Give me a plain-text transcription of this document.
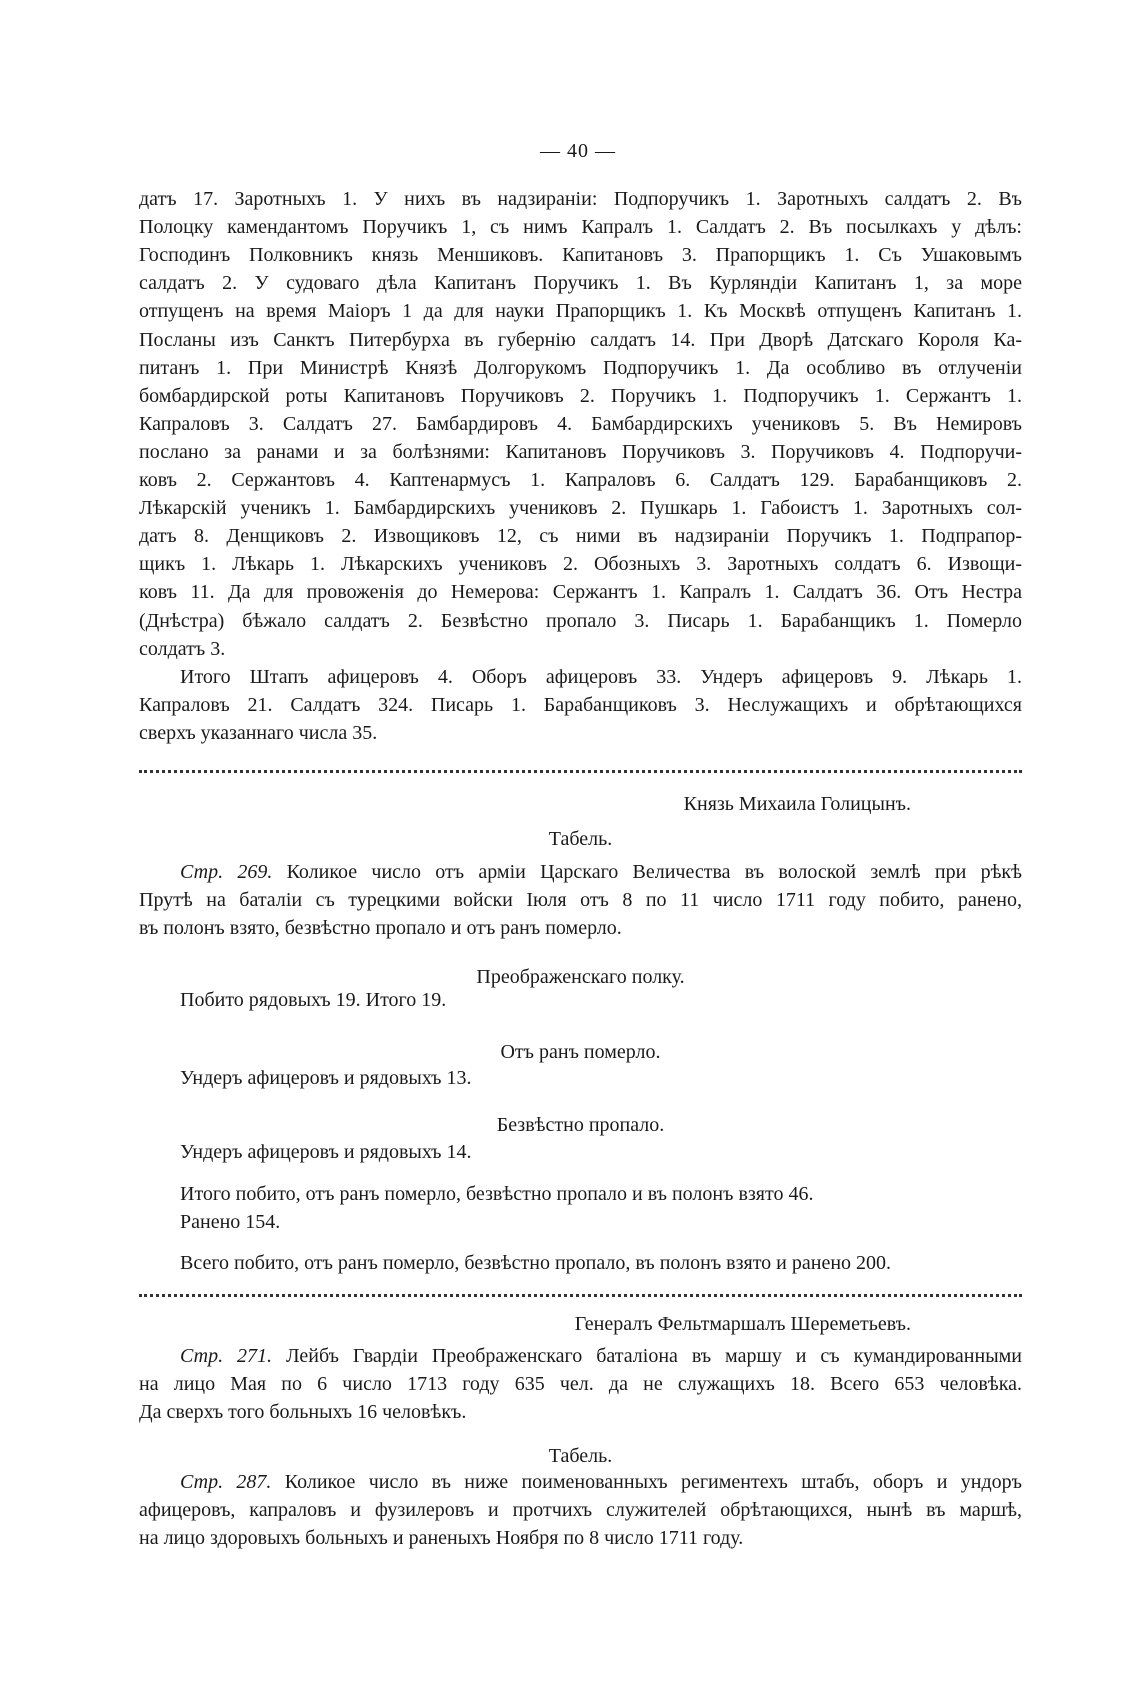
— 40 —
датъ 17. Заротныхъ 1. У нихъ въ надзираніи: Подпоручикъ 1. Заротныхъ салдатъ 2. Въ
Полоцку камендантомъ Поручикъ 1, съ нимъ Капралъ 1. Салдатъ 2. Въ посылкахъ у дѣлъ:
Господинъ Полковникъ князь Меншиковъ. Капитановъ 3. Прапорщикъ 1. Съ Ушаковымъ
салдатъ 2. У судоваго дѣла Капитанъ Поручикъ 1. Въ Курляндіи Капитанъ 1, за море
отпущенъ на время Маіоръ 1 да для науки Прапорщикъ 1. Къ Москвѣ отпущенъ Капитанъ 1.
Посланы изъ Санктъ Питербурха въ губернію салдатъ 14. При Дворѣ Датскаго Короля Ка-
питанъ 1. При Министрѣ Князѣ Долгорукомъ Подпоручикъ 1. Да особливо въ отлученіи
бомбардирской роты Капитановъ Поручиковъ 2. Поручикъ 1. Подпоручикъ 1. Сержантъ 1.
Капраловъ 3. Салдатъ 27. Бамбардировъ 4. Бамбардирскихъ учениковъ 5. Въ Немировъ
послано за ранами и за болѣзнями: Капитановъ Поручиковъ 3. Поручиковъ 4. Подпоручи-
ковъ 2. Сержантовъ 4. Каптенармусъ 1. Капраловъ 6. Салдатъ 129. Барабанщиковъ 2.
Лѣкарскій ученикъ 1. Бамбардирскихъ учениковъ 2. Пушкарь 1. Габоистъ 1. Заротныхъ сол-
датъ 8. Денщиковъ 2. Извощиковъ 12, съ ними въ надзираніи Поручикъ 1. Подпрапор-
щикъ 1. Лѣкарь 1. Лѣкарскихъ учениковъ 2. Обозныхъ 3. Заротныхъ солдатъ 6. Извощи-
ковъ 11. Да для провоженія до Немерова: Сержантъ 1. Капралъ 1. Салдатъ 36. Отъ Нестра
(Днѣстра) бѣжало салдатъ 2. Безвѣстно пропало 3. Писарь 1. Барабанщикъ 1. Померло
солдатъ 3.
Итого Штапъ афицеровъ 4. Оборъ афицеровъ 33. Ундеръ афицеровъ 9. Лѣкарь 1.
Капраловъ 21. Салдатъ 324. Писарь 1. Барабанщиковъ 3. Неслужащихъ и обрѣтающихся
сверхъ указаннаго числа 35.
Князь Михаила Голицынъ.
Табель.
Стр. 269. Коликое число отъ арміи Царскаго Величества въ волоской землѣ при рѣкѣ
Прутѣ на баталіи съ турецкими войски Іюля отъ 8 по 11 число 1711 году побито, ранено,
въ полонъ взято, безвѣстно пропало и отъ ранъ померло.
Преображенскаго полку.
Побито рядовыхъ 19. Итого 19.
Отъ ранъ померло.
Ундеръ афицеровъ и рядовыхъ 13.
Безвѣстно пропало.
Ундеръ афицеровъ и рядовыхъ 14.
Итого побито, отъ ранъ померло, безвѣстно пропало и въ полонъ взято 46.
Ранено 154.
Всего побито, отъ ранъ померло, безвѣстно пропало, въ полонъ взято и ранено 200.
Генералъ Фельтмаршалъ Шереметьевъ.
Стр. 271. Лейбъ Гвардіи Преображенскаго баталіона въ маршу и съ кумандированными
на лицо Мая по 6 число 1713 году 635 чел. да не служащихъ 18. Всего 653 человѣка.
Да сверхъ того больныхъ 16 человѣкъ.
Табель.
Стр. 287. Коликое число въ ниже поименованныхъ региментехъ штабъ, оборъ и ундоръ
афицеровъ, капраловъ и фузилеровъ и протчихъ служителей обрѣтающихся, нынѣ въ маршѣ,
на лицо здоровыхъ больныхъ и раненыхъ Ноября по 8 число 1711 году.
